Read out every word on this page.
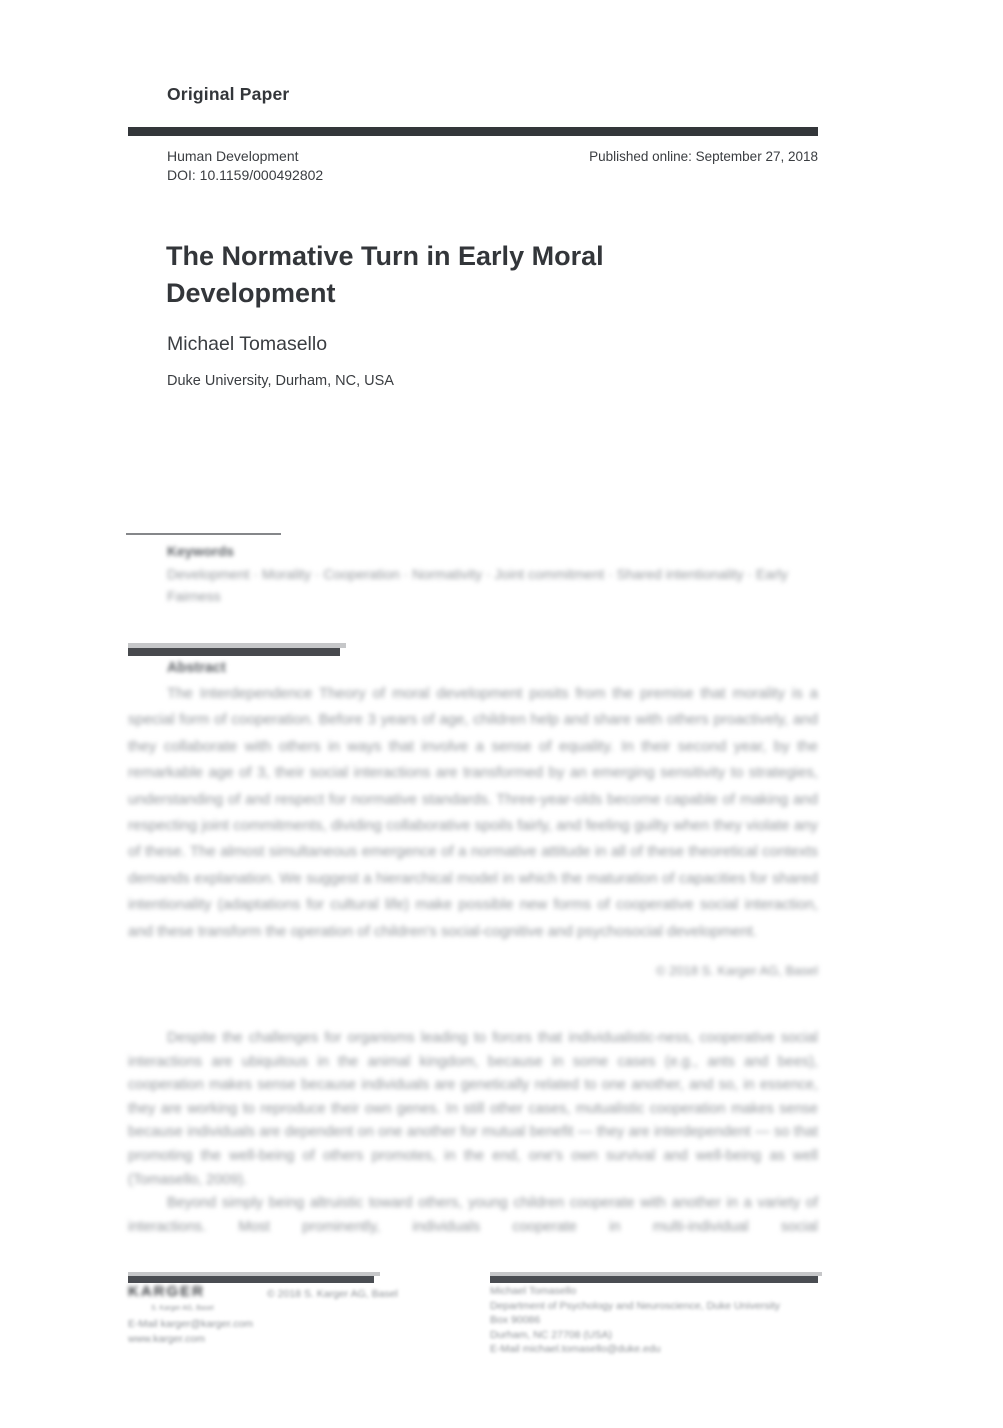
Original Paper
Human Development
DOI: 10.1159/000492802
Published online: September 27, 2018
The Normative Turn in Early Moral Development
Michael Tomasello
Duke University, Durham, NC, USA
Keywords
Development · Morality · Cooperation · Normativity · Joint commitment · Shared intentionality · Early Fairness
Abstract
The Interdependence Theory of moral development posits from the premise that morality is a special form of cooperation. Before 3 years of age, children help and share with others proactively, and they collaborate with others in ways that involve a sense of equality. In their second year, by the remarkable age of 3, their social interactions are transformed by an emerging sensitivity to strategies, understanding of and respect for normative standards. Three-year-olds become capable of making and respecting joint commitments, dividing collaborative spoils fairly, and feeling guilty when they violate any of these. The almost simultaneous emergence of a normative attitude in all of these theoretical contexts demands explanation. We suggest a hierarchical model in which the maturation of capacities for shared intentionality (adaptations for cultural life) make possible new forms of cooperative social interaction, and these transform the operation of children's social-cognitive and psychosocial development.
© 2018 S. Karger AG, Basel

Despite the challenges for organisms leading to forces that individualistic-ness, cooperative social interactions are ubiquitous in the animal kingdom, because in some cases (e.g., ants and bees), cooperation makes sense because individuals are genetically related to one another, and so, in essence, they are working to reproduce their own genes. In still other cases, mutualistic cooperation makes sense because individuals are dependent on one another for mutual benefit — they are interdependent — so that promoting the well-being of others promotes, in the end, one's own survival and well-being as well (Tomasello, 2009).

Beyond simply being altruistic toward others, young children cooperate with another in a variety of interactions. Most prominently, individuals cooperate in multi-individual social

KARGER
S. Karger AG, Basel
© 2018 S. Karger AG, Basel
E-Mail karger@karger.com
www.karger.com
Michael Tomasello
Department of Psychology and Neuroscience, Duke University
Box 90086
Durham, NC 27708 (USA)
E-Mail michael.tomasello@duke.edu
